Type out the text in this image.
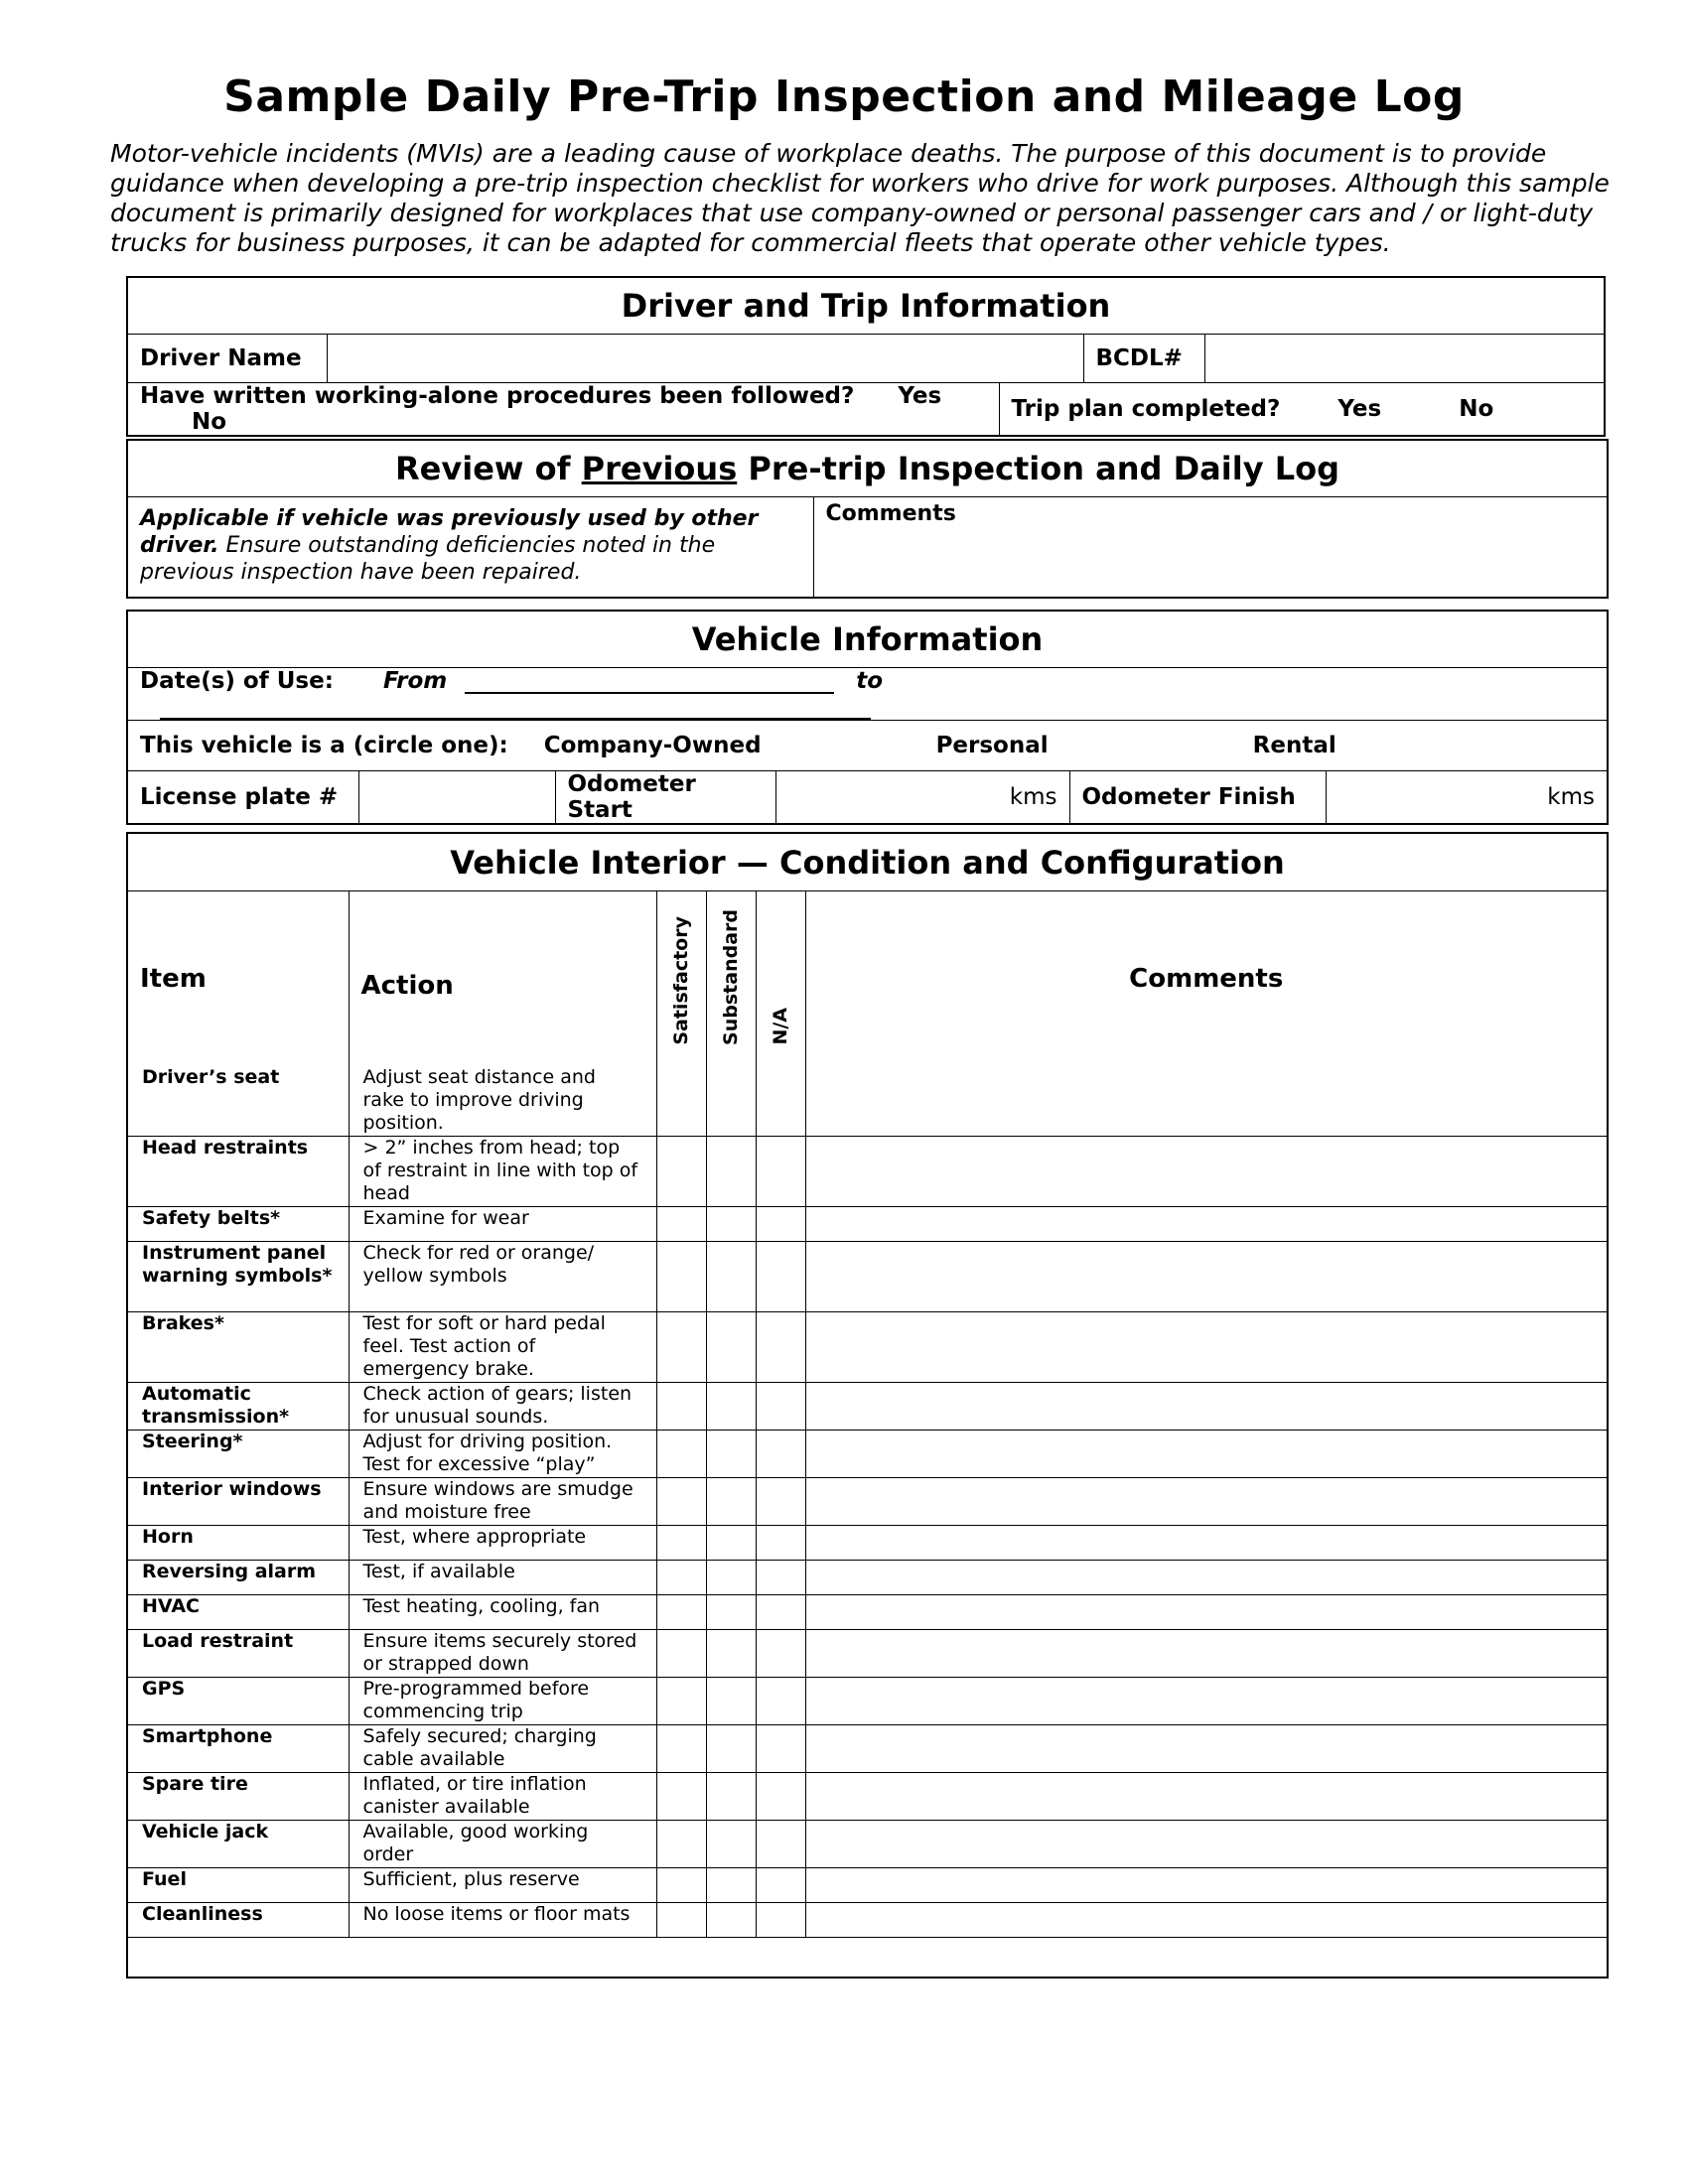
Sample Daily Pre-Trip Inspection and Mileage Log
Motor-vehicle incidents (MVIs) are a leading cause of workplace deaths. The purpose of this document is to provide guidance when developing a pre-trip inspection checklist for workers who drive for work purposes. Although this sample document is primarily designed for workplaces that use company-owned or personal passenger cars and / or light-duty trucks for business purposes, it can be adapted for commercial fleets that operate other vehicle types.
Driver and Trip Information
Driver Name		BCDL#	
Have written working-alone procedures been followed? Yes  No	Trip plan completed?	Yes	No
Review of Previous Pre-trip Inspection and Daily Log
Applicable if vehicle was previously used by other driver. Ensure outstanding deficiencies noted in the previous inspection have been repaired.	Comments
Vehicle Information
Date(s) of Use: From	to
This vehicle is a (circle one): Company-Owned	Personal	Rental
License plate #		Odometer Start	kms	Odometer Finish	kms
Vehicle Interior — Condition and Configuration					
Item	Action	Satisfactory	Substandard	N/A	Comments
Driver’s seat	Adjust seat distance and rake to improve driving position.				
Head restraints	> 2” inches from head; top of restraint in line with top of head				
Safety belts*	Examine for wear				
Instrument panel warning symbols*	Check for red or orange/ yellow symbols				
Brakes*	Test for soft or hard pedal feel. Test action of emergency brake.				
Automatic transmission*	Check action of gears; listen for unusual sounds.				
Steering*	Adjust for driving position. Test for excessive “play”				
Interior windows	Ensure windows are smudge and moisture free				
Horn	Test, where appropriate				
Reversing alarm	Test, if available				
HVAC	Test heating, cooling, fan				
Load restraint	Ensure items securely stored or strapped down				
GPS	Pre-programmed before commencing trip				
Smartphone	Safely secured; charging cable available				
Spare tire	Inflated, or tire inflation canister available				
Vehicle jack	Available, good working order				
Fuel	Sufficient, plus reserve				
Cleanliness	No loose items or floor mats				
